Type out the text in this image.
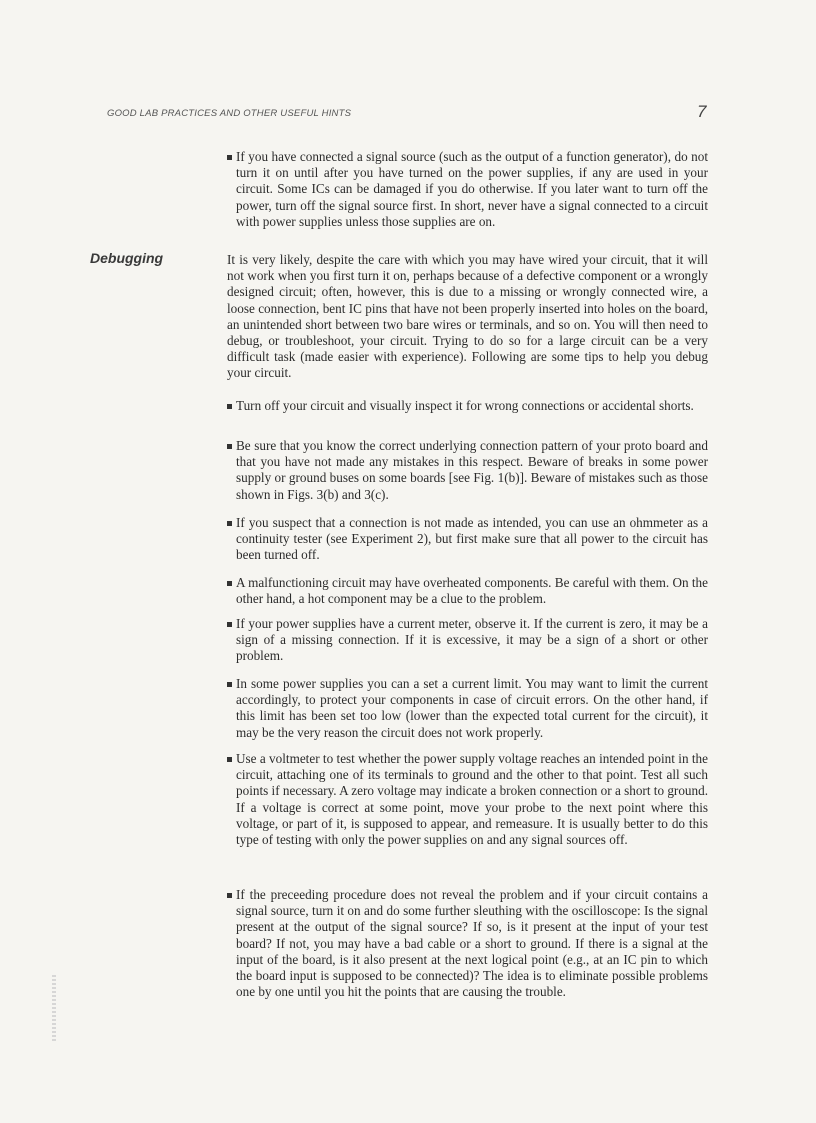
GOOD LAB PRACTICES AND OTHER USEFUL HINTS	7

If you have connected a signal source (such as the output of a function generator), do not turn it on until after you have turned on the power supplies, if any are used in your circuit. Some ICs can be damaged if you do otherwise. If you later want to turn off the power, turn off the signal source first. In short, never have a signal connected to a circuit with power supplies unless those supplies are on.

Debugging	It is very likely, despite the care with which you may have wired your circuit, that it will not work when you first turn it on, perhaps because of a defective component or a wrongly designed circuit; often, however, this is due to a missing or wrongly connected wire, a loose connection, bent IC pins that have not been properly inserted into holes on the board, an unintended short between two bare wires or terminals, and so on. You will then need to debug, or troubleshoot, your circuit. Trying to do so for a large circuit can be a very difficult task (made easier with experience). Following are some tips to help you debug your circuit.

Turn off your circuit and visually inspect it for wrong connections or accidental shorts.

Be sure that you know the correct underlying connection pattern of your proto board and that you have not made any mistakes in this respect. Beware of breaks in some power supply or ground buses on some boards [see Fig. 1(b)]. Beware of mistakes such as those shown in Figs. 3(b) and 3(c).

If you suspect that a connection is not made as intended, you can use an ohmmeter as a continuity tester (see Experiment 2), but first make sure that all power to the circuit has been turned off.

A malfunctioning circuit may have overheated components. Be careful with them. On the other hand, a hot component may be a clue to the problem.

If your power supplies have a current meter, observe it. If the current is zero, it may be a sign of a missing connection. If it is excessive, it may be a sign of a short or other problem.

In some power supplies you can a set a current limit. You may want to limit the current accordingly, to protect your components in case of circuit errors. On the other hand, if this limit has been set too low (lower than the expected total current for the circuit), it may be the very reason the circuit does not work properly.

Use a voltmeter to test whether the power supply voltage reaches an intended point in the circuit, attaching one of its terminals to ground and the other to that point. Test all such points if necessary. A zero voltage may indicate a broken connection or a short to ground. If a voltage is correct at some point, move your probe to the next point where this voltage, or part of it, is supposed to appear, and remeasure. It is usually better to do this type of testing with only the power supplies on and any signal sources off.

If the preceeding procedure does not reveal the problem and if your circuit contains a signal source, turn it on and do some further sleuthing with the oscilloscope: Is the signal present at the output of the signal source? If so, is it present at the input of your test board? If not, you may have a bad cable or a short to ground. If there is a signal at the input of the board, is it also present at the next logical point (e.g., at an IC pin to which the board input is supposed to be connected)? The idea is to eliminate possible problems one by one until you hit the points that are causing the trouble.
